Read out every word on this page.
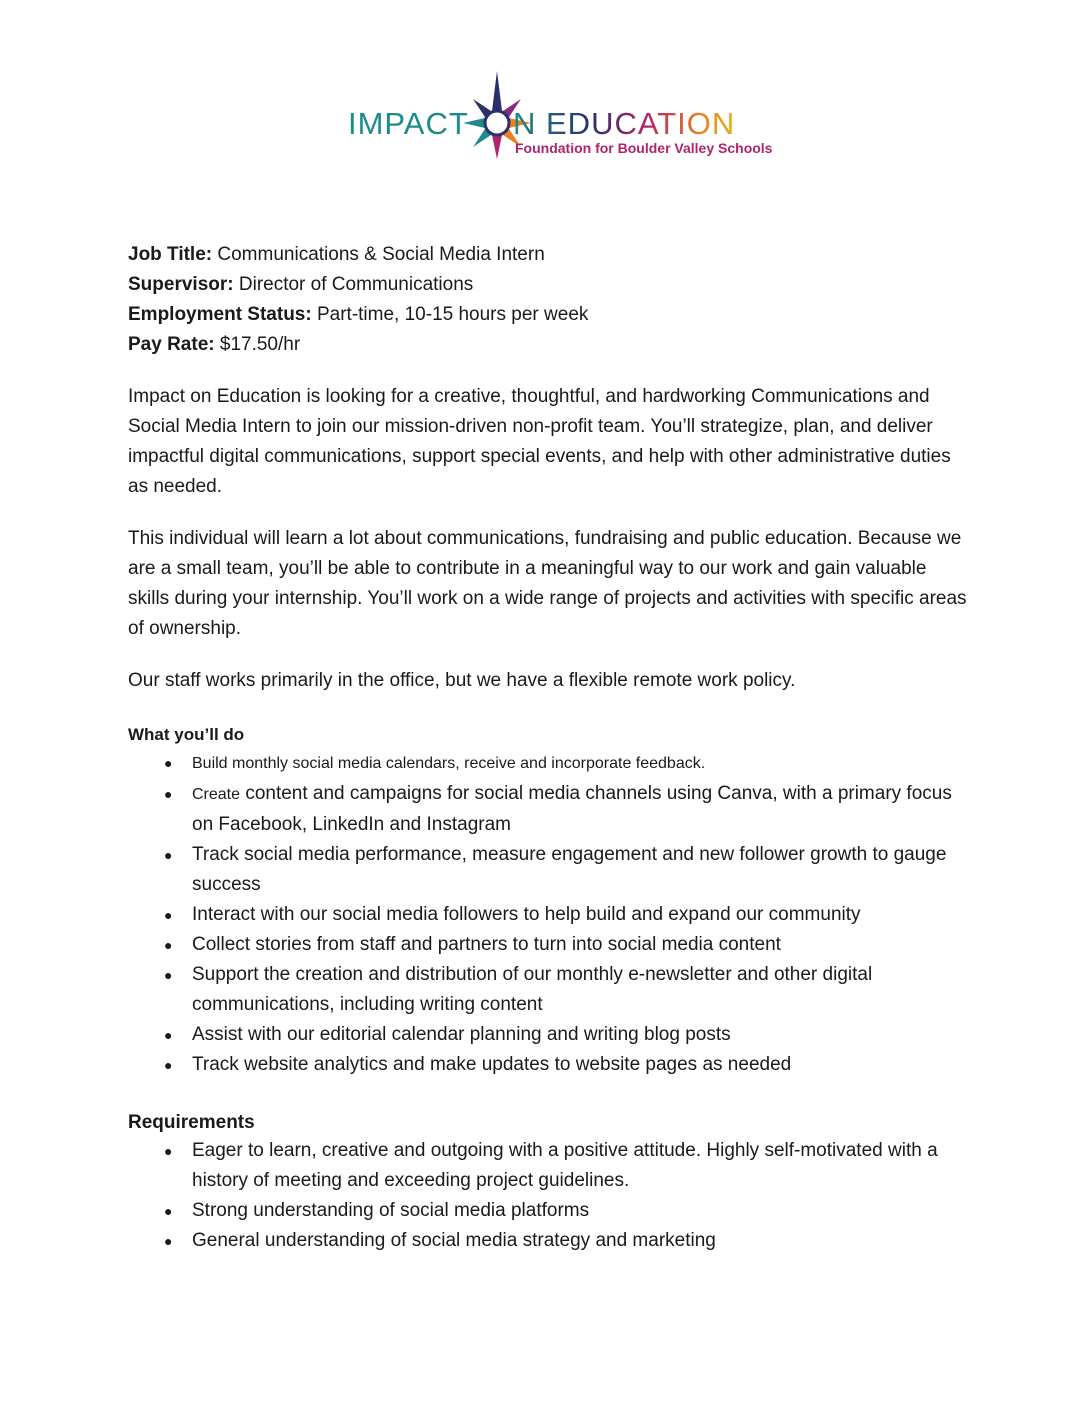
IMPACT N EDUCATION
Foundation for Boulder Valley Schools

Job Title: Communications & Social Media Intern

Supervisor: Director of Communications

Employment Status: Part-time, 10-15 hours per week

Pay Rate: $17.50/hr

Impact on Education is looking for a creative, thoughtful, and hardworking Communications and Social Media Intern to join our mission-driven non-profit team. You’ll strategize, plan, and deliver impactful digital communications, support special events, and help with other administrative duties as needed.

This individual will learn a lot about communications, fundraising and public education. Because we are a small team, you’ll be able to contribute in a meaningful way to our work and gain valuable skills during your internship. You’ll work on a wide range of projects and activities with specific areas of ownership.

Our staff works primarily in the office, but we have a flexible remote work policy.

What you’ll do
● Build monthly social media calendars, receive and incorporate feedback.
● Create content and campaigns for social media channels using Canva, with a primary focus on Facebook, LinkedIn and Instagram
● Track social media performance, measure engagement and new follower growth to gauge success
● Interact with our social media followers to help build and expand our community
● Collect stories from staff and partners to turn into social media content
● Support the creation and distribution of our monthly e-newsletter and other digital communications, including writing content
● Assist with our editorial calendar planning and writing blog posts
● Track website analytics and make updates to website pages as needed
Requirements
● Eager to learn, creative and outgoing with a positive attitude. Highly self-motivated with a history of meeting and exceeding project guidelines.
● Strong understanding of social media platforms
● General understanding of social media strategy and marketing
